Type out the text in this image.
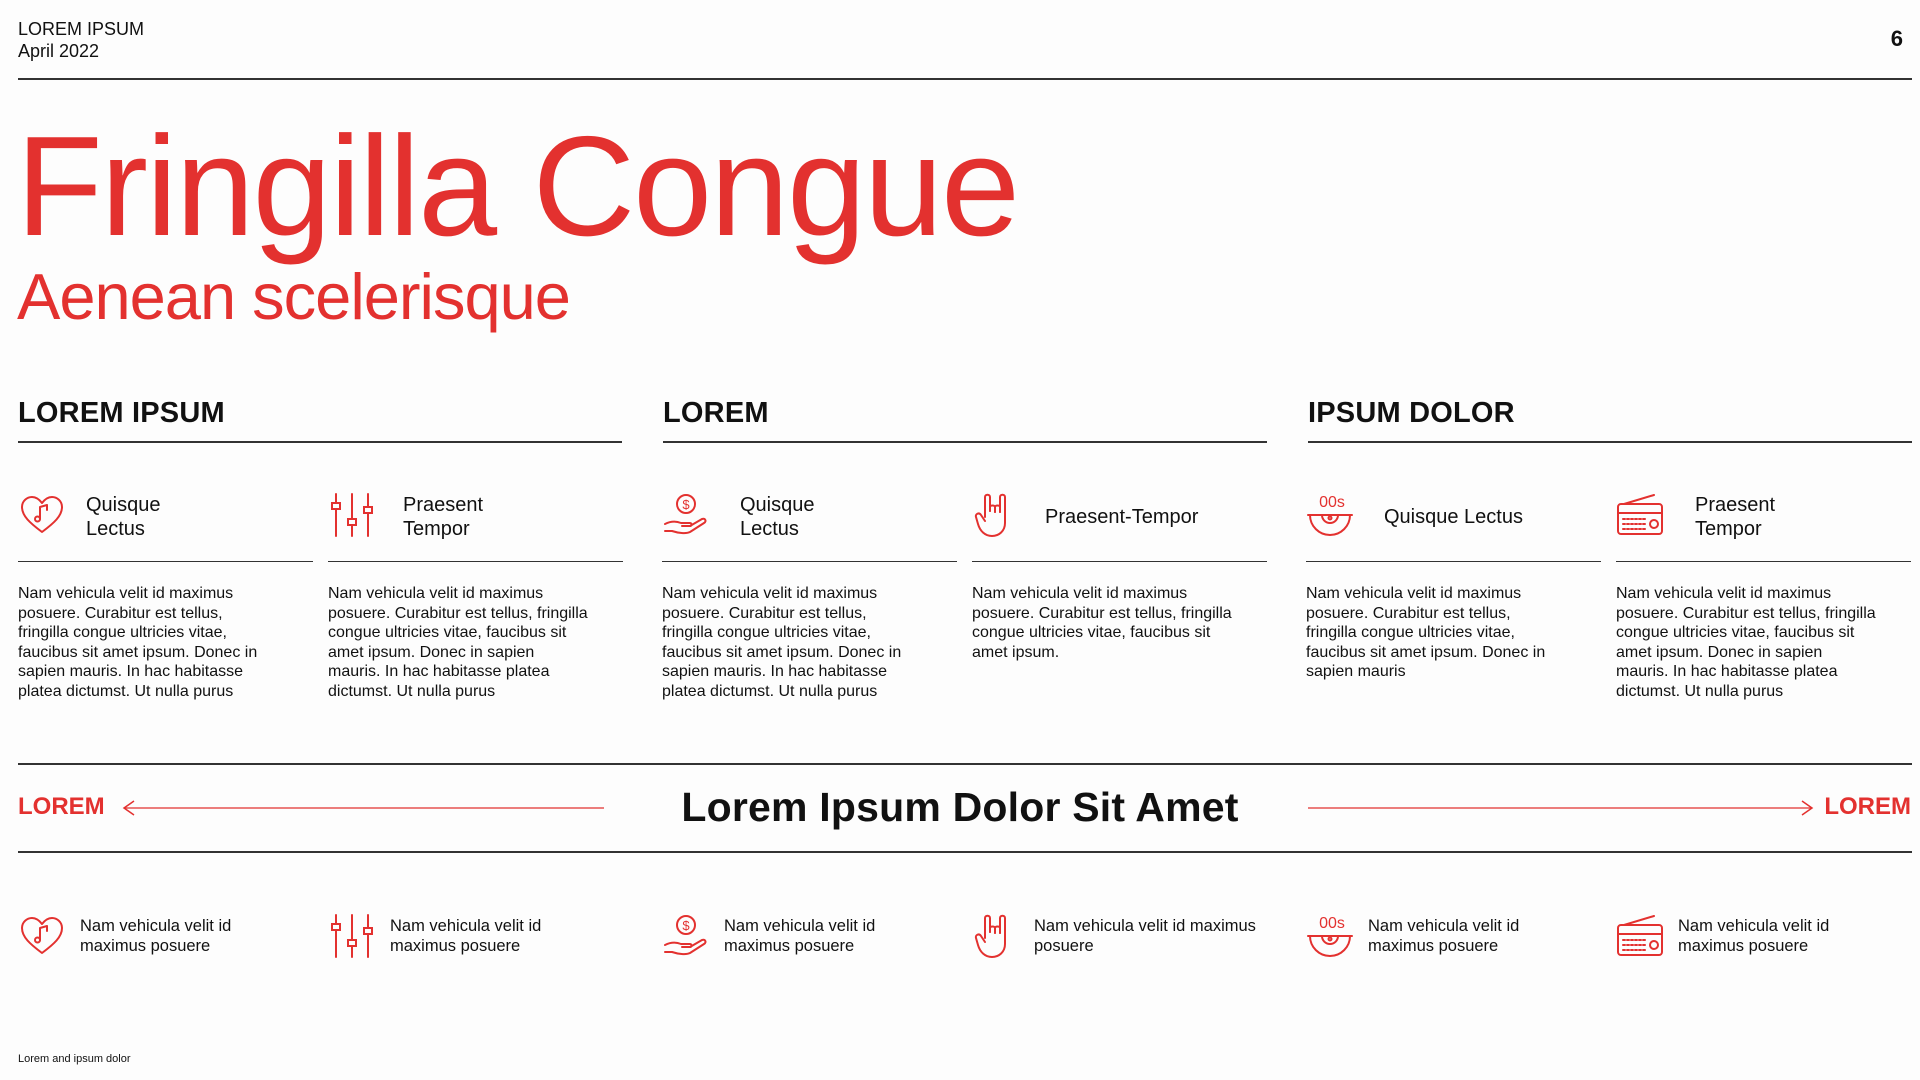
LOREM IPSUM
April 2022	6
Fringilla Congue
Aenean scelerisque
LOREM IPSUM	LOREM	IPSUM DOLOR
$	00s
Quisque
Lectus
Praesent
Tempor
Quisque
Lectus
Praesent-Tempor	Quisque Lectus
Praesent
Tempor
Nam vehicula velit id maximus posuere. Curabitur est tellus, fringilla congue ultricies vitae, faucibus sit amet ipsum. Donec in sapien mauris. In hac habitasse platea dictumst. Ut nulla purus
Nam vehicula velit id maximus posuere. Curabitur est tellus, fringilla congue ultricies vitae, faucibus sit amet ipsum. Donec in sapien mauris. In hac habitasse platea dictumst. Ut nulla purus
Nam vehicula velit id maximus posuere. Curabitur est tellus, fringilla congue ultricies vitae, faucibus sit amet ipsum. Donec in sapien mauris. In hac habitasse platea dictumst. Ut nulla purus
Nam vehicula velit id maximus posuere. Curabitur est tellus, fringilla congue ultricies vitae, faucibus sit amet ipsum.
Nam vehicula velit id maximus posuere. Curabitur est tellus, fringilla congue ultricies vitae, faucibus sit amet ipsum. Donec in sapien mauris
Nam vehicula velit id maximus posuere. Curabitur est tellus, fringilla congue ultricies vitae, faucibus sit amet ipsum. Donec in sapien mauris. In hac habitasse platea dictumst. Ut nulla purus
LOREM	Lorem Ipsum Dolor Sit Amet	LOREM
$	00s
Nam vehicula velit id
maximus posuere
Nam vehicula velit id
maximus posuere
Nam vehicula velit id
maximus posuere
Nam vehicula velit id maximus
posuere
Nam vehicula velit id
maximus posuere
Nam vehicula velit id
maximus posuere
Lorem and ipsum dolor
